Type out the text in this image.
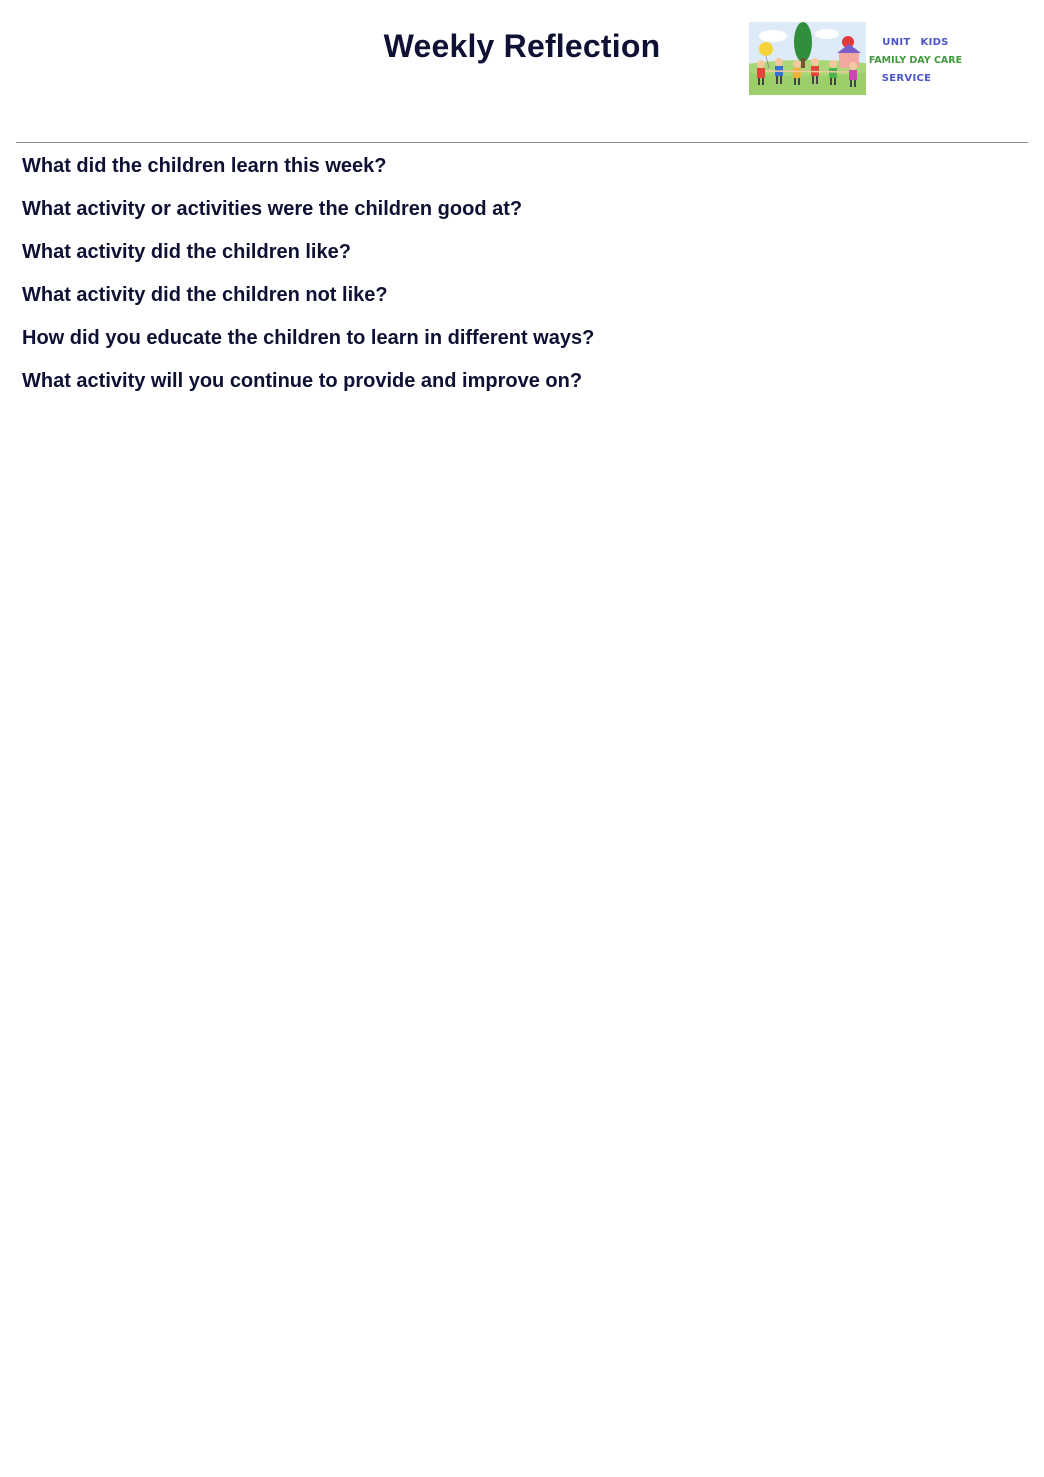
Weekly Reflection	UNIT KIDS
FAMILY DAY CARE
SERVICE
What did the children learn this week?
What activity or activities were the children good at?
What activity did the children like?
What activity did the children not like?
How did you educate the children to learn in different ways?
What activity will you continue to provide and improve on?
